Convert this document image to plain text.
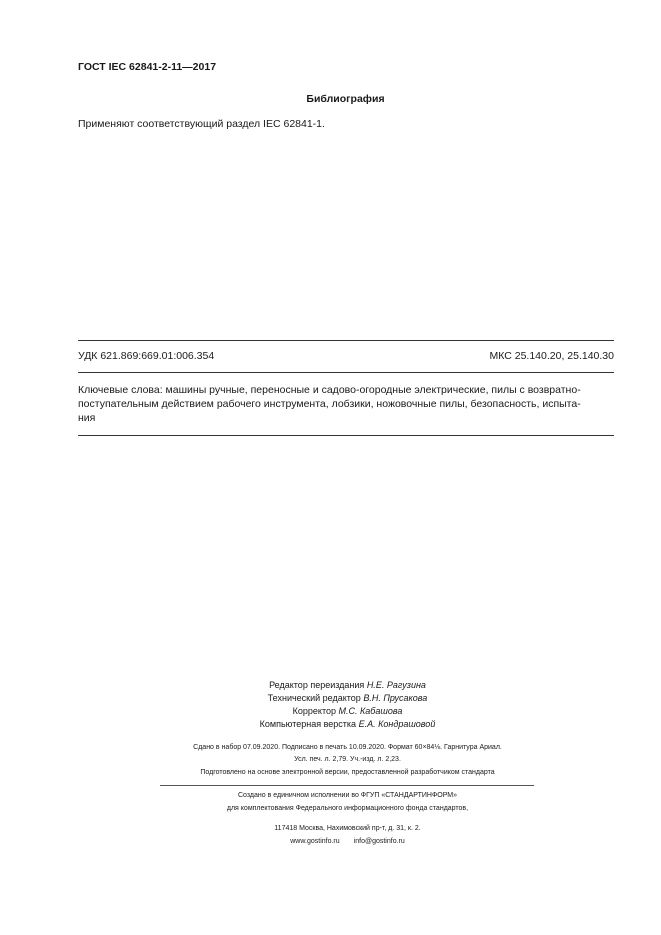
ГОСТ IEC 62841-2-11—2017
Библиография
Применяют соответствующий раздел IEC 62841-1.
УДК 621.869:669.01:006.354	МКС 25.140.20, 25.140.30
Ключевые слова: машины ручные, переносные и садово-огородные электрические, пилы с возвратно-
поступательным действием рабочего инструмента, лобзики, ножовочные пилы, безопасность, испыта-
ния
Редактор переиздания Н.Е. Рагузина
Технический редактор В.Н. Прусакова
Корректор М.С. Кабашова
Компьютерная верстка Е.А. Кондрашовой
Сдано в набор 07.09.2020. Подписано в печать 10.09.2020. Формат 60×84⅛. Гарнитура Ариал.
Усл. печ. л. 2,79. Уч.-изд. л. 2,23.
Подготовлено на основе электронной версии, предоставленной разработчиком стандарта
Создано в единичном исполнении во ФГУП «СТАНДАРТИНФОРМ»
для комплектования Федерального информационного фонда стандартов,
117418 Москва, Нахимовский пр-т, д. 31, к. 2.
www.gostinfo.ru info@gostinfo.ru
